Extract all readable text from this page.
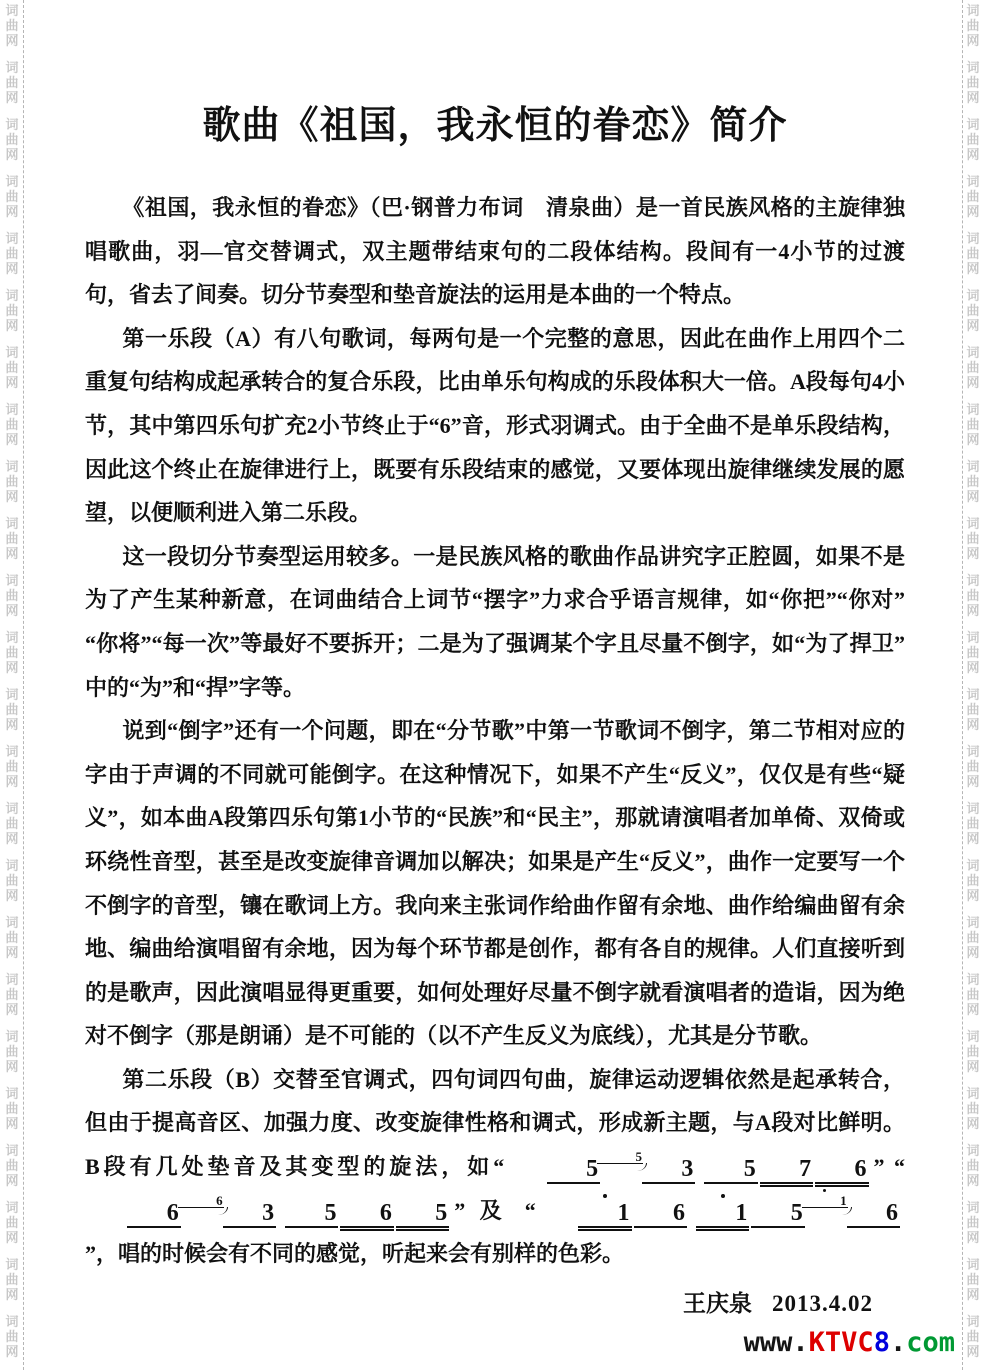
词
曲
网
词
曲
网
词
曲
网
词
曲
网
词
曲
网
词
曲
网
词
曲
网
词
曲
网
词
曲
网
词
曲
网
词
曲
网
词
曲
网
词
曲
网
词
曲
网
词
曲
网
词
曲
网
词
曲
网
词
曲
网
词
曲
网
词
曲
网
词
曲
网
词
曲
网
词
曲
网
词
曲
网
词
曲
网
词
曲
网
词
曲
网
词
曲
网
词
曲
网
词
曲
网
词
曲
网
词
曲
网
词
曲
网
词
曲
网
词
曲
网
词
曲
网
词
曲
网
词
曲
网
词
曲
网
词
曲
网
词
曲
网
词
曲
网
词
曲
网
词
曲
网
词
曲
网
词
曲
网
词
曲
网
词
曲
网
歌曲《祖国，我永恒的眷恋》简介

《祖国，我永恒的眷恋》（巴·钢普力布词　清泉曲）是一首民族风格的主旋律独唱歌曲，羽—官交替调式，双主题带结束句的二段体结构。段间有一4小节的过渡句，省去了间奏。切分节奏型和垫音旋法的运用是本曲的一个特点。

第一乐段（A）有八句歌词，每两句是一个完整的意思，因此在曲作上用四个二重复句结构成起承转合的复合乐段，比由单乐句构成的乐段体积大一倍。A段每句4小节，其中第四乐句扩充2小节终止于“6”音，形式羽调式。由于全曲不是单乐段结构，因此这个终止在旋律进行上，既要有乐段结束的感觉，又要体现出旋律继续发展的愿望，以便顺利进入第二乐段。

这一段切分节奏型运用较多。一是民族风格的歌曲作品讲究字正腔圆，如果不是为了产生某种新意，在词曲结合上词节“摆字”力求合乎语言规律，如“你把”“你对”“你将”“每一次”等最好不要拆开；二是为了强调某个字且尽量不倒字，如“为了捍卫”中的“为”和“捍”字等。

说到“倒字”还有一个问题，即在“分节歌”中第一节歌词不倒字，第二节相对应的字由于声调的不同就可能倒字。在这种情况下，如果不产生“反义”，仅仅是有些“疑义”，如本曲A段第四乐句第1小节的“民族”和“民主”，那就请演唱者加单倚、双倚或环绕性音型，甚至是改变旋律音调加以解决；如果是产生“反义”，曲作一定要写一个不倒字的音型，镶在歌词上方。我向来主张词作给曲作留有余地、曲作给编曲留有余地、编曲给演唱留有余地，因为每个环节都是创作，都有各自的规律。人们直接听到的是歌声，因此演唱显得更重要，如何处理好尽量不倒字就看演唱者的造诣，因为绝对不倒字（那是朗诵）是不可能的（以不产生反义为底线），尤其是分节歌。

第二乐段（B）交替至官调式，四句词四句曲，旋律运动逻辑依然是起承转合，但由于提高音区、加强力度、改变旋律性格和调式，形成新主题，与A段对比鲜明。B段有几处垫音及其变型的旋法，如“	5	5 3 5 7 6 ” “6	6 3 5 6 5 ” 及 “	1 6 1 5	1 6”，唱的时候会有不同的感觉，听起来会有别样的色彩。

王庆泉 2013.4.02
www.KTVC8.com
